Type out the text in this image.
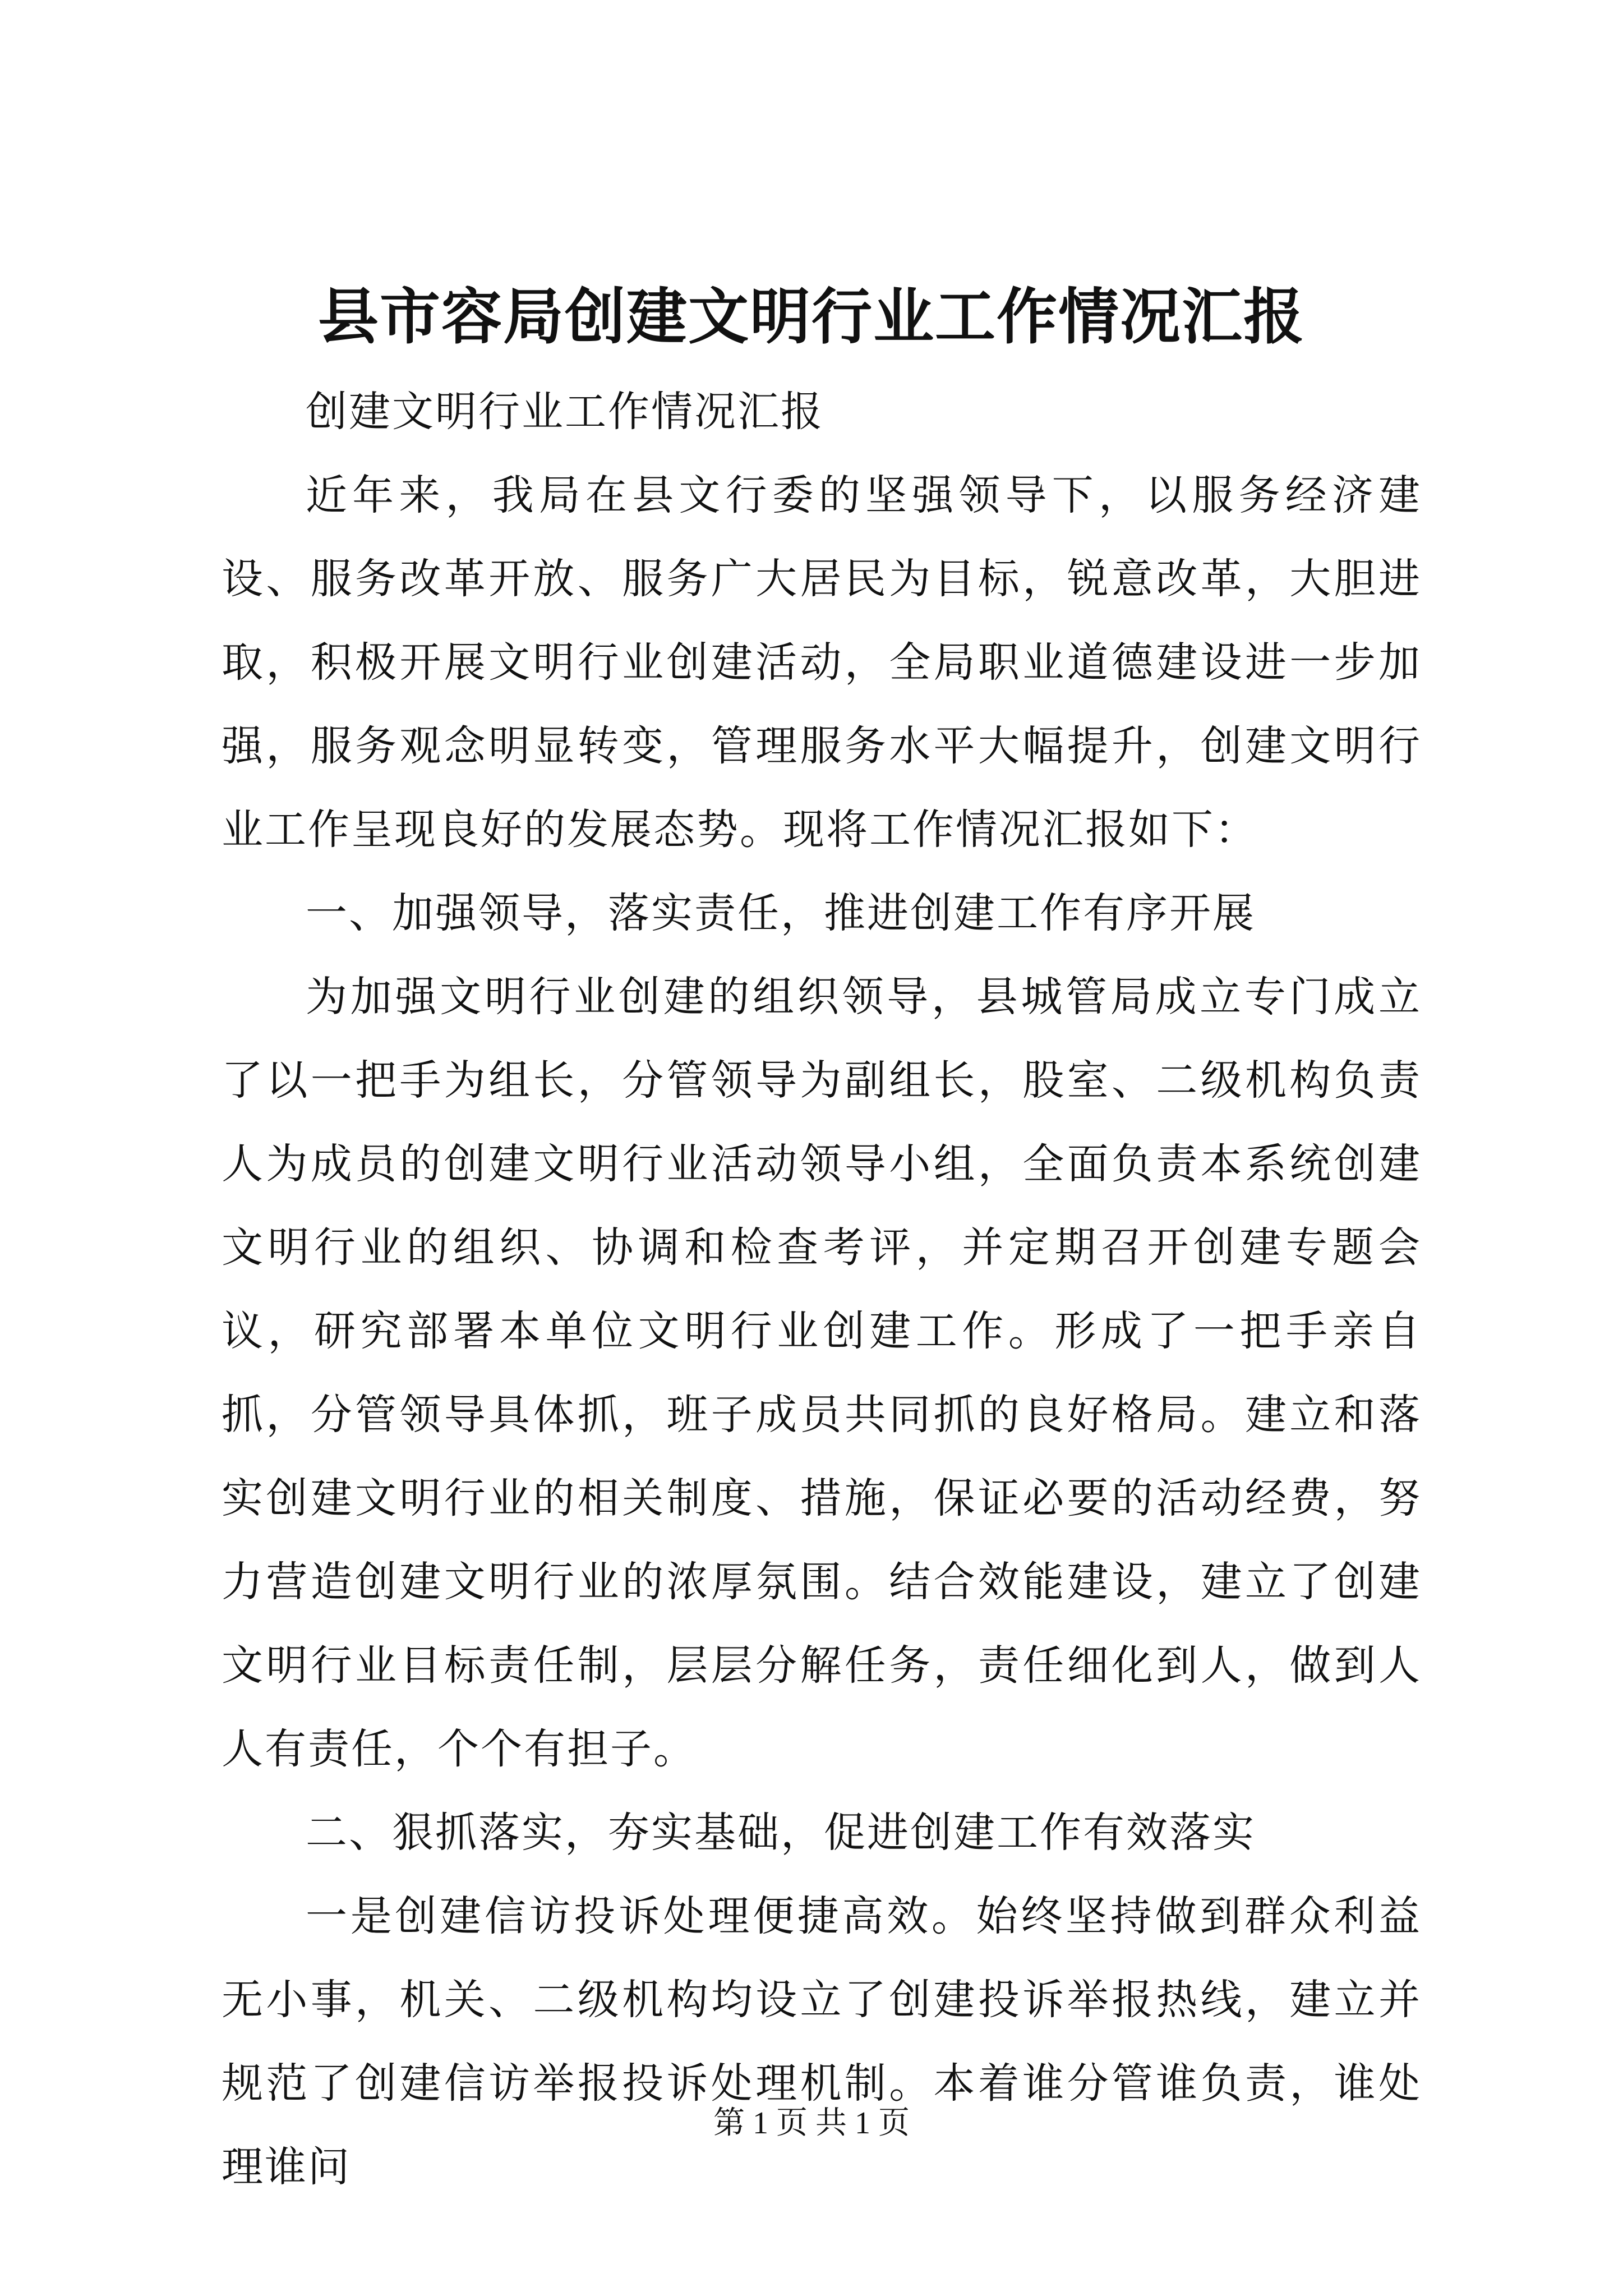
县市容局创建文明行业工作情况汇报

创建文明行业工作情况汇报

近年来，我局在县文行委的坚强领导下，以服务经济建设、服务改革开放、服务广大居民为目标，锐意改革，大胆进取，积极开展文明行业创建活动，全局职业道德建设进一步加强，服务观念明显转变，管理服务水平大幅提升，创建文明行业工作呈现良好的发展态势。现将工作情况汇报如下：

一、加强领导，落实责任，推进创建工作有序开展

为加强文明行业创建的组织领导，县城管局成立专门成立了以一把手为组长，分管领导为副组长，股室、二级机构负责人为成员的创建文明行业活动领导小组，全面负责本系统创建文明行业的组织、协调和检查考评，并定期召开创建专题会议，研究部署本单位文明行业创建工作。形成了一把手亲自抓，分管领导具体抓，班子成员共同抓的良好格局。建立和落实创建文明行业的相关制度、措施，保证必要的活动经费，努力营造创建文明行业的浓厚氛围。结合效能建设，建立了创建文明行业目标责任制，层层分解任务，责任细化到人，做到人人有责任，个个有担子。

二、狠抓落实，夯实基础，促进创建工作有效落实

一是创建信访投诉处理便捷高效。始终坚持做到群众利益无小事，机关、二级机构均设立了创建投诉举报热线，建立并规范了创建信访举报投诉处理机制。本着谁分管谁负责，谁处理谁问

第 1 页 共 1 页
